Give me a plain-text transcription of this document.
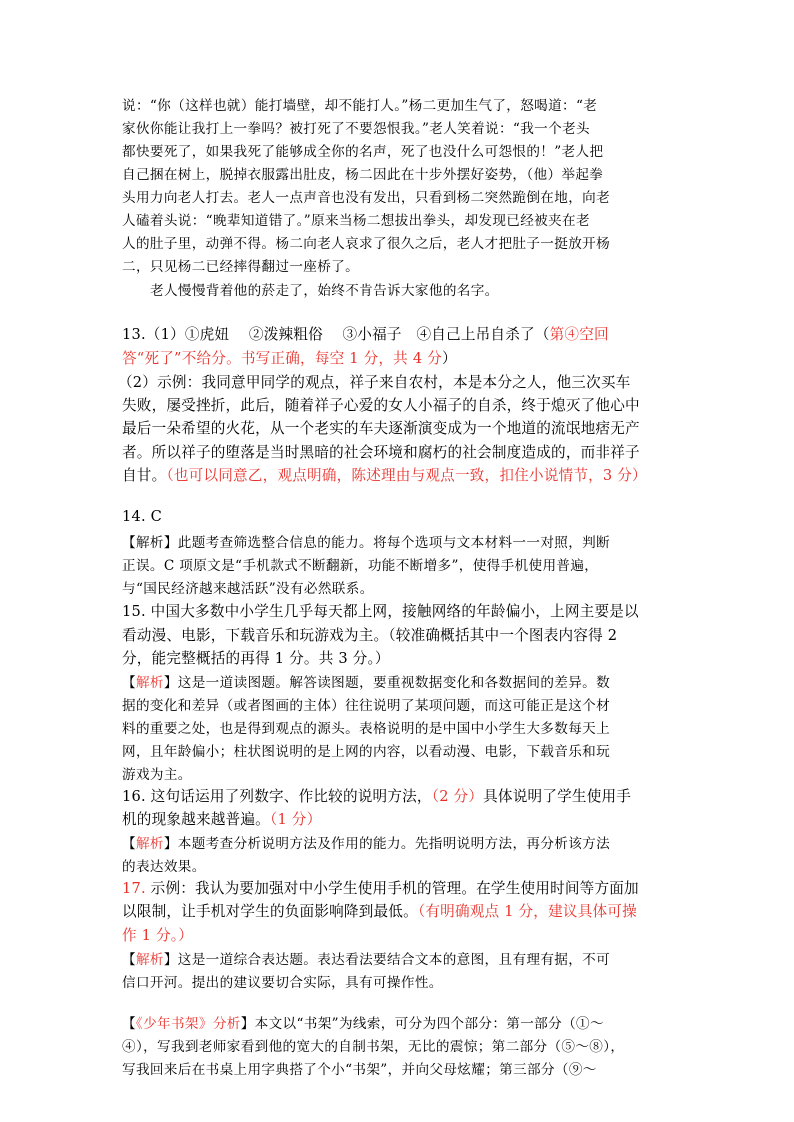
说：“你（这样也就）能打墙壁，却不能打人。”杨二更加生气了，怒喝道：“老
家伙你能让我打上一拳吗？被打死了不要怨恨我。”老人笑着说：“我一个老头
都快要死了，如果我死了能够成全你的名声，死了也没什么可怨恨的！”老人把
自己捆在树上，脱掉衣服露出肚皮，杨二因此在十步外摆好姿势，（他）举起拳
头用力向老人打去。老人一点声音也没有发出，只看到杨二突然跪倒在地，向老
人磕着头说：“晚辈知道错了。”原来当杨二想拔出拳头，却发现已经被夹在老
人的肚子里，动弹不得。杨二向老人哀求了很久之后，老人才把肚子一挺放开杨
二，只见杨二已经摔得翻过一座桥了。
老人慢慢背着他的菸走了，始终不肯告诉大家他的名字。
13.（1）①虎妞　 ②泼辣粗俗　 ③小福子　④自己上吊自杀了（第④空回
答“死了”不给分。书写正确，每空 1 分，共 4 分）
（2）示例：我同意甲同学的观点，祥子来自农村，本是本分之人，他三次买车
失败，屡受挫折，此后，随着祥子心爱的女人小福子的自杀，终于熄灭了他心中
最后一朵希望的火花，从一个老实的车夫逐渐演变成为一个地道的流氓地痞无产
者。所以祥子的堕落是当时黑暗的社会环境和腐朽的社会制度造成的，而非祥子
自甘。（也可以同意乙，观点明确，陈述理由与观点一致，扣住小说情节，3 分）
14. C
【解析】此题考查筛选整合信息的能力。将每个选项与文本材料一一对照，判断
正误。C 项原文是“手机款式不断翻新，功能不断增多”，使得手机使用普遍，
与“国民经济越来越活跃”没有必然联系。
15. 中国大多数中小学生几乎每天都上网，接触网络的年龄偏小，上网主要是以
看动漫、电影，下载音乐和玩游戏为主。（较准确概括其中一个图表内容得 2
分，能完整概括的再得 1 分。共 3 分。）
【解析】这是一道读图题。解答读图题，要重视数据变化和各数据间的差异。数
据的变化和差异（或者图画的主体）往往说明了某项问题，而这可能正是这个材
料的重要之处，也是得到观点的源头。表格说明的是中国中小学生大多数每天上
网，且年龄偏小；柱状图说明的是上网的内容，以看动漫、电影，下载音乐和玩
游戏为主。
16. 这句话运用了列数字、作比较的说明方法，（2 分）具体说明了学生使用手
机的现象越来越普遍。（1 分）
【解析】本题考查分析说明方法及作用的能力。先指明说明方法，再分析该方法
的表达效果。
17. 示例：我认为要加强对中小学生使用手机的管理。在学生使用时间等方面加
以限制，让手机对学生的负面影响降到最低。（有明确观点 1 分，建议具体可操
作 1 分。）
【解析】这是一道综合表达题。表达看法要结合文本的意图，且有理有据，不可
信口开河。提出的建议要切合实际，具有可操作性。
【《少年书架》分析】本文以“书架”为线索，可分为四个部分：第一部分（①～
④），写我到老师家看到他的宽大的自制书架，无比的震惊；第二部分（⑤～⑧），
写我回来后在书桌上用字典搭了个小“书架”，并向父母炫耀；第三部分（⑨～
